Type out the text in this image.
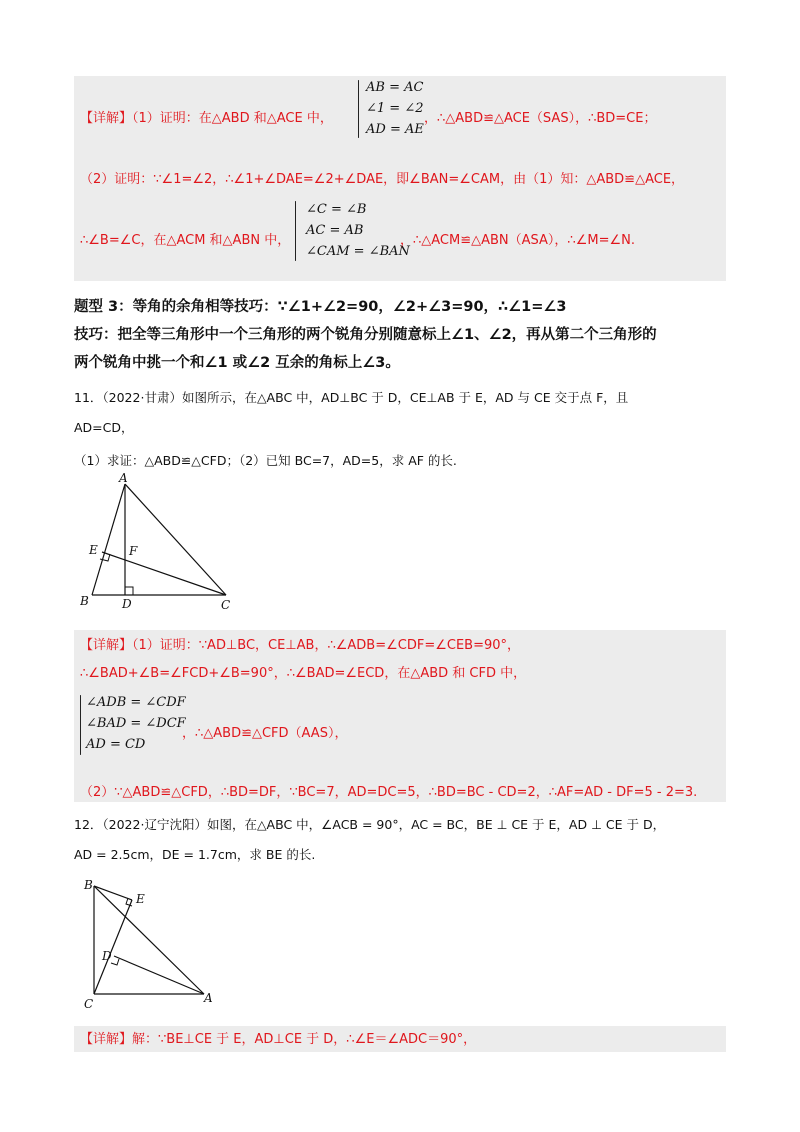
【详解】（1）证明：在△ABD 和△ACE 中，
AB = AC
∠1 = ∠2
AD = AE
，∴△ABD≌△ACE（SAS），∴BD=CE；
（2）证明：∵∠1=∠2，∴∠1+∠DAE=∠2+∠DAE，即∠BAN=∠CAM，由（1）知：△ABD≌△ACE，
∴∠B=∠C，在△ACM 和△ABN 中，
∠C = ∠B
AC = AB
∠CAM = ∠BAN
，∴△ACM≌△ABN（ASA），∴∠M=∠N.
题型 3：等角的余角相等技巧：∵∠1+∠2=90，∠2+∠3=90，∴∠1=∠3
技巧：把全等三角形中一个三角形的两个锐角分别随意标上∠1、∠2，再从第二个三角形的
两个锐角中挑一个和∠1 或∠2 互余的角标上∠3。
11．（2022·甘肃）如图所示，在△ABC 中，AD⊥BC 于 D，CE⊥AB 于 E，AD 与 CE 交于点 F，且
AD=CD，
（1）求证：△ABD≌△CFD；（2）已知 BC=7，AD=5，求 AF 的长.
A
B	C
D
E	F
【详解】（1）证明：∵AD⊥BC，CE⊥AB，∴∠ADB=∠CDF=∠CEB=90°，
∴∠BAD+∠B=∠FCD+∠B=90°，∴∠BAD=∠ECD，在△ABD 和 CFD 中，
∠ADB = ∠CDF
∠BAD = ∠DCF
AD = CD
，∴△ABD≌△CFD（AAS），
（2）∵△ABD≌△CFD，∴BD=DF，∵BC=7，AD=DC=5，∴BD=BC - CD=2，∴AF=AD - DF=5 - 2=3.
12．（2022·辽宁沈阳）如图，在△ABC 中，∠ACB = 90°，AC = BC，BE ⊥ CE 于 E，AD ⊥ CE 于 D，
AD = 2.5cm，DE = 1.7cm，求 BE 的长.
B
C	A
E
D
【详解】解：∵BE⊥CE 于 E，AD⊥CE 于 D，∴∠E＝∠ADC＝90°，
